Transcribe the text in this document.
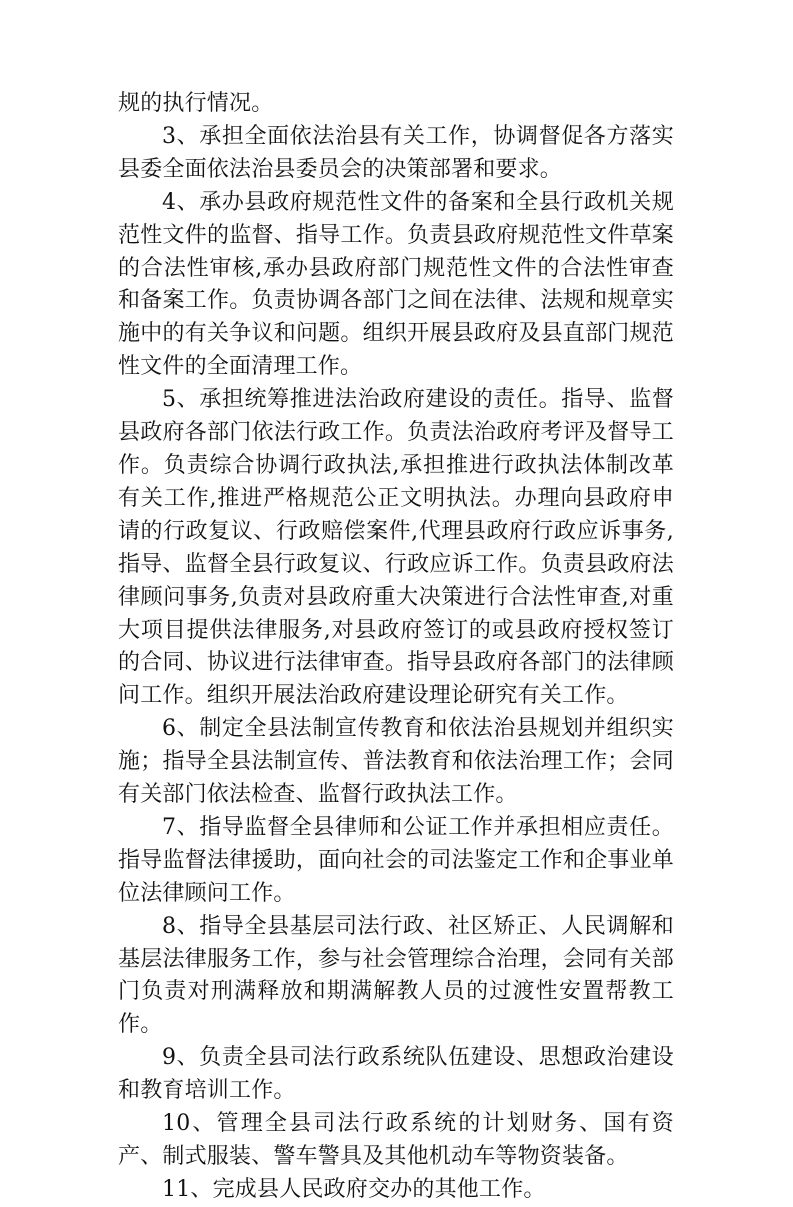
规的执行情况。

3、承担全面依法治县有关工作，协调督促各方落实县委全面依法治县委员会的决策部署和要求。

4、承办县政府规范性文件的备案和全县行政机关规范性文件的监督、指导工作。负责县政府规范性文件草案的合法性审核,承办县政府部门规范性文件的合法性审查和备案工作。负责协调各部门之间在法律、法规和规章实施中的有关争议和问题。组织开展县政府及县直部门规范性文件的全面清理工作。

5、承担统筹推进法治政府建设的责任。指导、监督县政府各部门依法行政工作。负责法治政府考评及督导工作。负责综合协调行政执法,承担推进行政执法体制改革有关工作,推进严格规范公正文明执法。办理向县政府申请的行政复议、行政赔偿案件,代理县政府行政应诉事务,指导、监督全县行政复议、行政应诉工作。负责县政府法律顾问事务,负责对县政府重大决策进行合法性审查,对重大项目提供法律服务,对县政府签订的或县政府授权签订的合同、协议进行法律审查。指导县政府各部门的法律顾问工作。组织开展法治政府建设理论研究有关工作。

6、制定全县法制宣传教育和依法治县规划并组织实施；指导全县法制宣传、普法教育和依法治理工作；会同有关部门依法检查、监督行政执法工作。

7、指导监督全县律师和公证工作并承担相应责任。指导监督法律援助，面向社会的司法鉴定工作和企事业单位法律顾问工作。

8、指导全县基层司法行政、社区矫正、人民调解和基层法律服务工作，参与社会管理综合治理，会同有关部门负责对刑满释放和期满解教人员的过渡性安置帮教工作。

9、负责全县司法行政系统队伍建设、思想政治建设和教育培训工作。

10、管理全县司法行政系统的计划财务、国有资产、制式服装、警车警具及其他机动车等物资装备。

11、完成县人民政府交办的其他工作。
